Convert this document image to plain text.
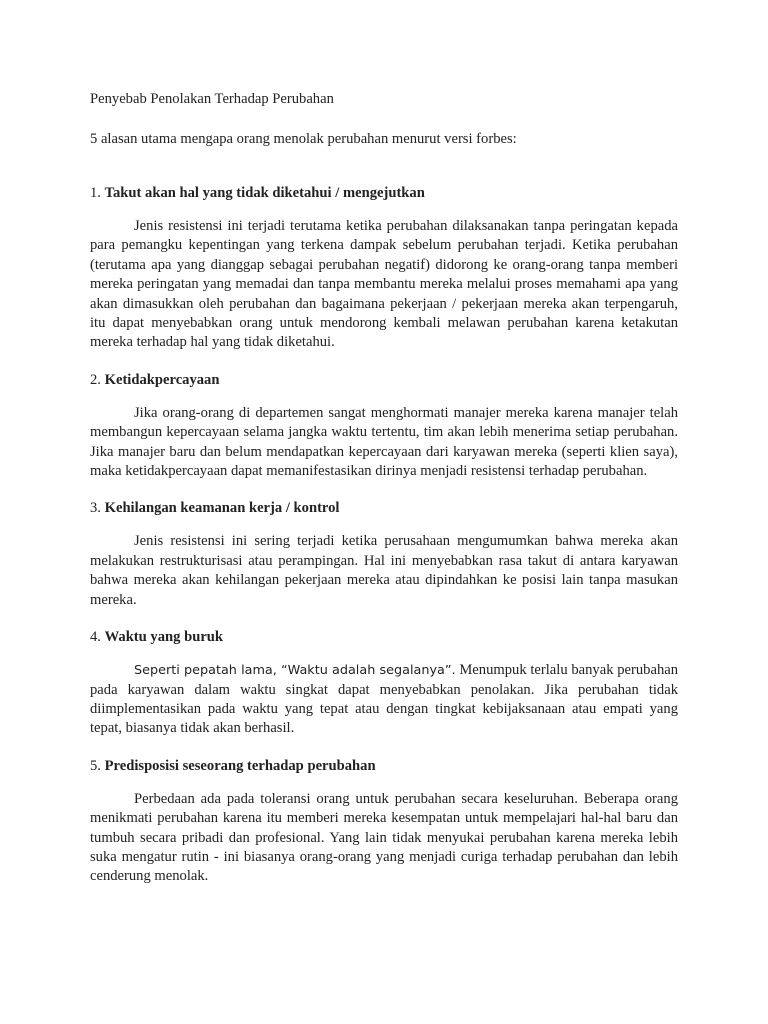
Penyebab Penolakan Terhadap Perubahan

5 alasan utama mengapa orang menolak perubahan menurut versi forbes:

1. Takut akan hal yang tidak diketahui / mengejutkan

Jenis resistensi ini terjadi terutama ketika perubahan dilaksanakan tanpa peringatan kepada para pemangku kepentingan yang terkena dampak sebelum perubahan terjadi. Ketika perubahan (terutama apa yang dianggap sebagai perubahan negatif) didorong ke orang-orang tanpa memberi mereka peringatan yang memadai dan tanpa membantu mereka melalui proses memahami apa yang akan dimasukkan oleh perubahan dan bagaimana pekerjaan / pekerjaan mereka akan terpengaruh, itu dapat menyebabkan orang untuk mendorong kembali melawan perubahan karena ketakutan mereka terhadap hal yang tidak diketahui.

2. Ketidakpercayaan

Jika orang-orang di departemen sangat menghormati manajer mereka karena manajer telah membangun kepercayaan selama jangka waktu tertentu, tim akan lebih menerima setiap perubahan. Jika manajer baru dan belum mendapatkan kepercayaan dari karyawan mereka (seperti klien saya), maka ketidakpercayaan dapat memanifestasikan dirinya menjadi resistensi terhadap perubahan.

3. Kehilangan keamanan kerja / kontrol

Jenis resistensi ini sering terjadi ketika perusahaan mengumumkan bahwa mereka akan melakukan restrukturisasi atau perampingan. Hal ini menyebabkan rasa takut di antara karyawan bahwa mereka akan kehilangan pekerjaan mereka atau dipindahkan ke posisi lain tanpa masukan mereka.

4. Waktu yang buruk

Seperti pepatah lama, “Waktu adalah segalanya”. Menumpuk terlalu banyak perubahan pada karyawan dalam waktu singkat dapat menyebabkan penolakan. Jika perubahan tidak diimplementasikan pada waktu yang tepat atau dengan tingkat kebijaksanaan atau empati yang tepat, biasanya tidak akan berhasil.

5. Predisposisi seseorang terhadap perubahan

Perbedaan ada pada toleransi orang untuk perubahan secara keseluruhan. Beberapa orang menikmati perubahan karena itu memberi mereka kesempatan untuk mempelajari hal-hal baru dan tumbuh secara pribadi dan profesional. Yang lain tidak menyukai perubahan karena mereka lebih suka mengatur rutin - ini biasanya orang-orang yang menjadi curiga terhadap perubahan dan lebih cenderung menolak.
